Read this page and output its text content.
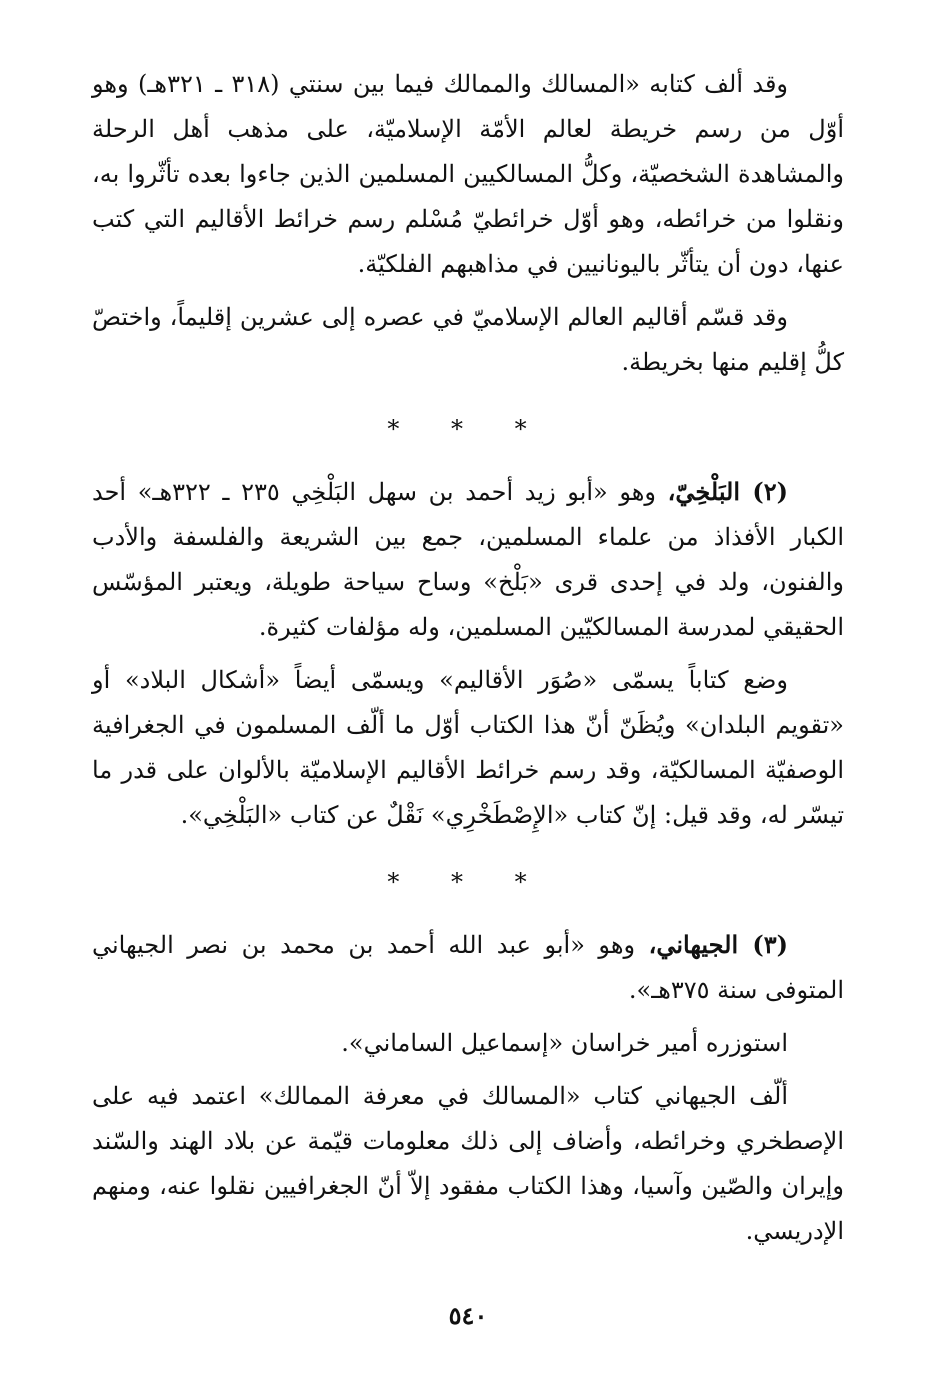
وقد ألف كتابه «المسالك والممالك فيما بين سنتي (٣١٨ ـ ٣٢١هـ) وهو أوّل من رسم خريطة لعالم الأمّة الإسلاميّة، على مذهب أهل الرحلة والمشاهدة الشخصيّة، وكلُّ المسالكيين المسلمين الذين جاءوا بعده تأثّروا به، ونقلوا من خرائطه، وهو أوّل خرائطيّ مُسْلم رسم خرائط الأقاليم التي كتب عنها، دون أن يتأثّر باليونانيين في مذاهبهم الفلكيّة.

وقد قسّم أقاليم العالم الإسلاميّ في عصره إلى عشرين إقليماً، واختصّ كلُّ إقليم منها بخريطة.

* * *

(٢) البَلْخِيّ، وهو «أبو زيد أحمد بن سهل البَلْخِي ٢٣٥ ـ ٣٢٢هـ» أحد الكبار الأفذاذ من علماء المسلمين، جمع بين الشريعة والفلسفة والأدب والفنون، ولد في إحدى قرى «بَلْخ» وساح سياحة طويلة، ويعتبر المؤسّس الحقيقي لمدرسة المسالكيّين المسلمين، وله مؤلفات كثيرة.

وضع كتاباً يسمّى «صُوَر الأقاليم» ويسمّى أيضاً «أشكال البلاد» أو «تقويم البلدان» ويُظَنّ أنّ هذا الكتاب أوّل ما ألّف المسلمون في الجغرافية الوصفيّة المسالكيّة، وقد رسم خرائط الأقاليم الإسلاميّة بالألوان على قدر ما تيسّر له، وقد قيل: إنّ كتاب «الإِصْطَخْرِي» نَقْلٌ عن كتاب «البَلْخِي».

* * *

(٣) الجيهاني، وهو «أبو عبد الله أحمد بن محمد بن نصر الجيهاني المتوفى سنة ٣٧٥هـ».

استوزره أمير خراسان «إسماعيل الساماني».

ألّف الجيهاني كتاب «المسالك في معرفة الممالك» اعتمد فيه على الإصطخري وخرائطه، وأضاف إلى ذلك معلومات قيّمة عن بلاد الهند والسّند وإيران والصّين وآسيا، وهذا الكتاب مفقود إلاّ أنّ الجغرافيين نقلوا عنه، ومنهم الإدريسي.

٥٤٠
